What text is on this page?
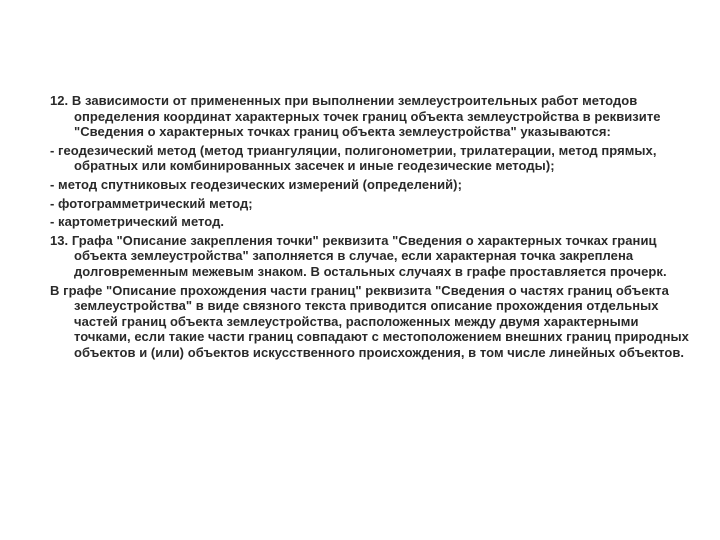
12. В зависимости от примененных при выполнении землеустроительных работ методов определения координат характерных точек границ объекта землеустройства в реквизите "Сведения о характерных точках границ объекта землеустройства" указываются:

- геодезический метод (метод триангуляции, полигонометрии, трилатерации, метод прямых, обратных или комбинированных засечек и иные геодезические методы);

- метод спутниковых геодезических измерений (определений);

- фотограмметрический метод;

- картометрический метод.

13. Графа "Описание закрепления точки" реквизита "Сведения о характерных точках границ объекта землеустройства" заполняется в случае, если характерная точка закреплена долговременным межевым знаком. В остальных случаях в графе проставляется прочерк.

В графе "Описание прохождения части границ" реквизита "Сведения о частях границ объекта землеустройства" в виде связного текста приводится описание прохождения отдельных частей границ объекта землеустройства, расположенных между двумя характерными точками, если такие части границ совпадают с местоположением внешних границ природных объектов и (или) объектов искусственного происхождения, в том числе линейных объектов.
